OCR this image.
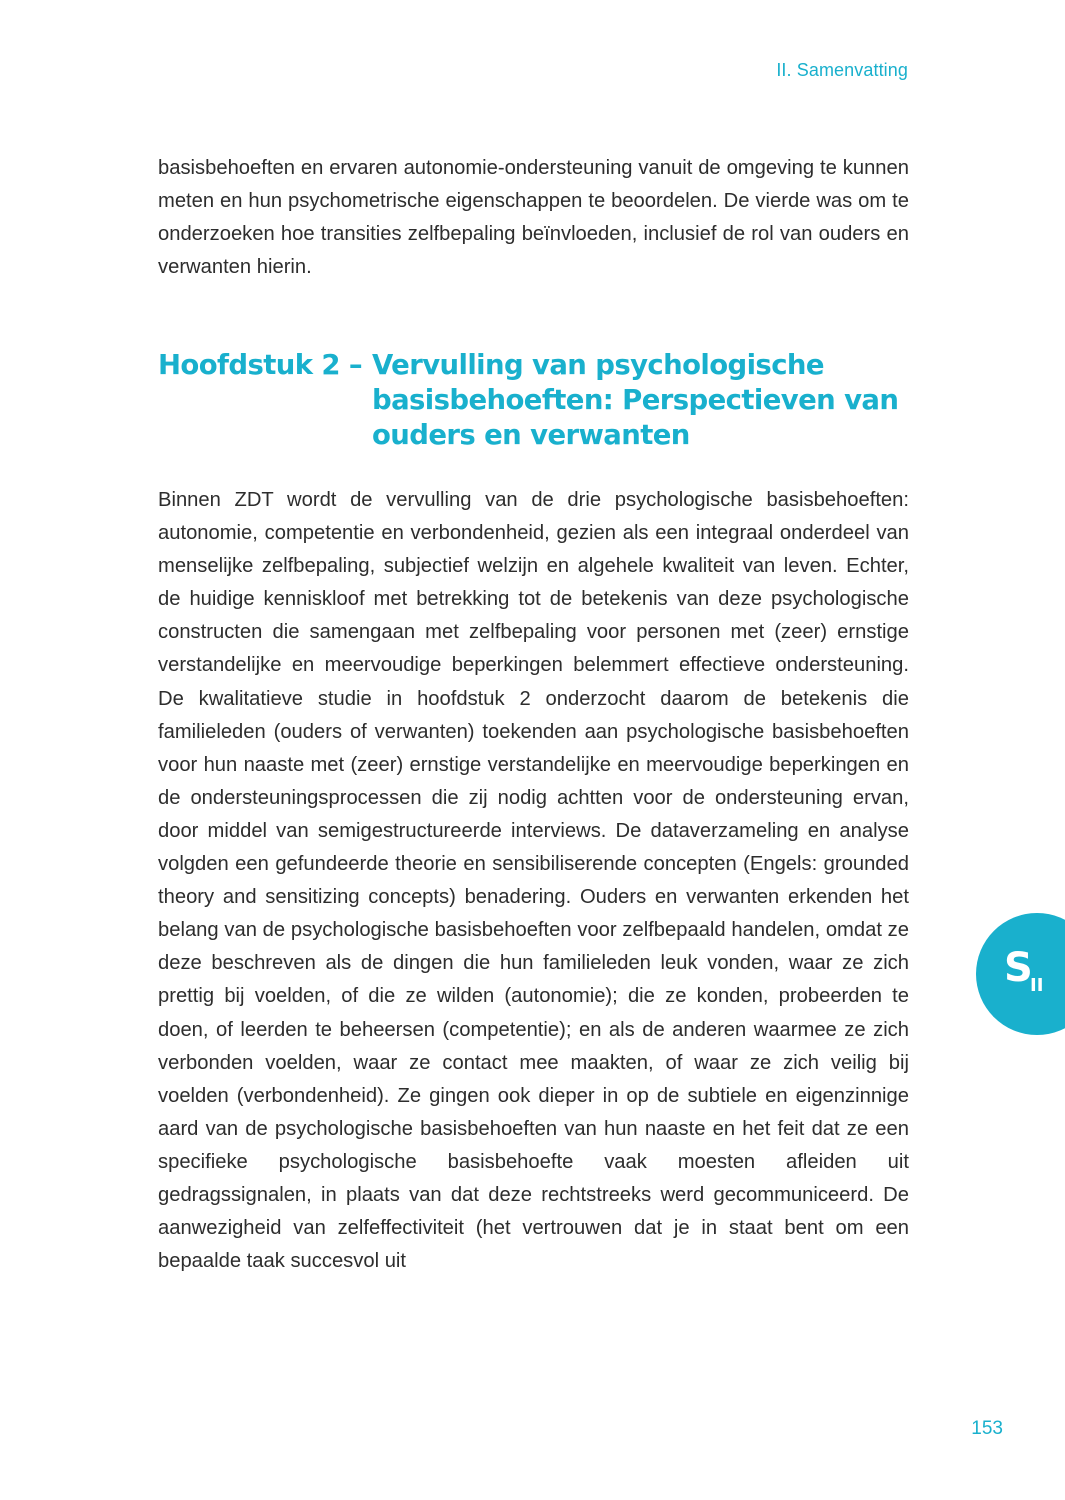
II. Samenvatting

basisbehoeften en ervaren autonomie-ondersteuning vanuit de omgeving te kunnen meten en hun psychometrische eigenschappen te beoordelen. De vierde was om te onderzoeken hoe transities zelfbepaling beïnvloeden, inclusief de rol van ouders en verwanten hierin.

Hoofdstuk 2 – Vervulling van psychologische basisbehoeften: Perspectieven van ouders en verwanten

Binnen ZDT wordt de vervulling van de drie psychologische basisbehoeften: autonomie, competentie en verbondenheid, gezien als een integraal onderdeel van menselijke zelfbepaling, subjectief welzijn en algehele kwaliteit van leven. Echter, de huidige kenniskloof met betrekking tot de betekenis van deze psychologische constructen die samengaan met zelfbepaling voor personen met (zeer) ernstige verstandelijke en meervoudige beperkingen belemmert effectieve ondersteuning. De kwalitatieve studie in hoofdstuk 2 onderzocht daarom de betekenis die familieleden (ouders of verwanten) toekenden aan psychologische basisbehoeften voor hun naaste met (zeer) ernstige verstandelijke en meervoudige beperkingen en de ondersteuningsprocessen die zij nodig achtten voor de ondersteuning ervan, door middel van semigestructureerde interviews. De dataverzameling en analyse volgden een gefundeerde theorie en sensibiliserende concepten (Engels: grounded theory and sensitizing concepts) benadering. Ouders en verwanten erkenden het belang van de psychologische basisbehoeften voor zelfbepaald handelen, omdat ze deze beschreven als de dingen die hun familieleden leuk vonden, waar ze zich prettig bij voelden, of die ze wilden (autonomie); die ze konden, probeerden te doen, of leerden te beheersen (competentie); en als de anderen waarmee ze zich verbonden voelden, waar ze contact mee maakten, of waar ze zich veilig bij voelden (verbondenheid). Ze gingen ook dieper in op de subtiele en eigenzinnige aard van de psychologische basisbehoeften van hun naaste en het feit dat ze een specifieke psychologische basisbehoefte vaak moesten afleiden uit gedragssignalen, in plaats van dat deze rechtstreeks werd gecommuniceerd. De aanwezigheid van zelfeffectiviteit (het vertrouwen dat je in staat bent om een bepaalde taak succesvol uit

S
II
153
